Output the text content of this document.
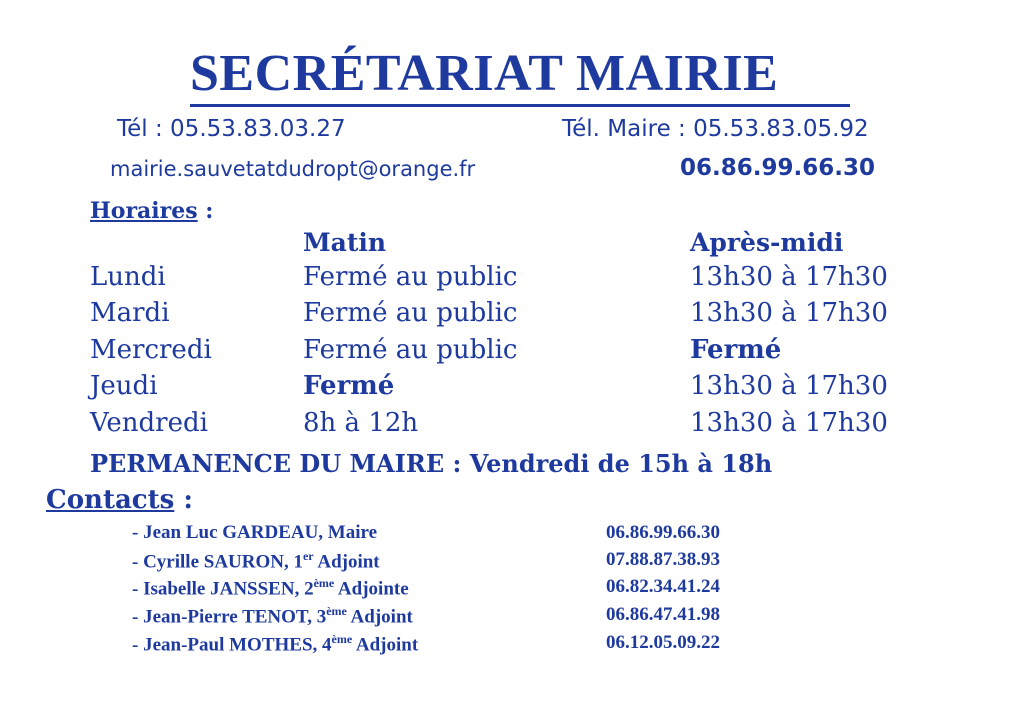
SECRÉTARIAT MAIRIE
Tél : 05.53.83.03.27	Tél. Maire : 05.53.83.05.92
mairie.sauvetatdudropt@orange.fr	06.86.99.66.30
Horaires :
Matin	Après-midi
Lundi	Fermé au public	13h30 à 17h30
Mardi	Fermé au public	13h30 à 17h30
Mercredi	Fermé au public	Fermé
Jeudi	Fermé	13h30 à 17h30
Vendredi	8h à 12h	13h30 à 17h30
PERMANENCE DU MAIRE : Vendredi de 15h à 18h
Contacts :
- Jean Luc GARDEAU, Maire	06.86.99.66.30
- Cyrille SAURON, 1er Adjoint	07.88.87.38.93
- Isabelle JANSSEN, 2ème Adjointe	06.82.34.41.24
- Jean-Pierre TENOT, 3ème Adjoint	06.86.47.41.98
- Jean-Paul MOTHES, 4ème Adjoint	06.12.05.09.22
